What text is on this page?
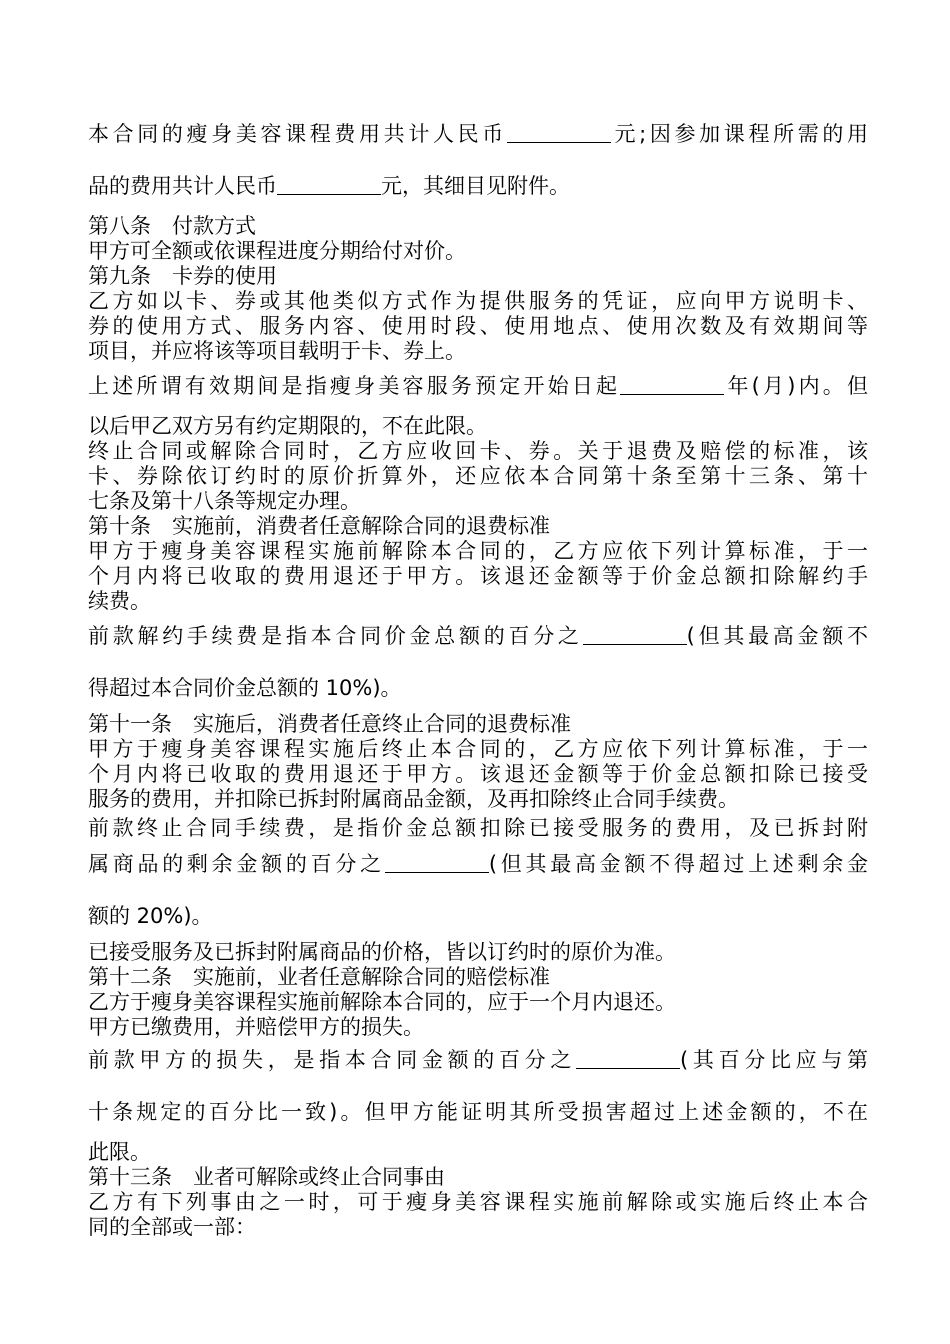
本合同的瘦身美容课程费用共计人民币	元;因参加课程所需的用
品的费用共计人民币	元，其细目见附件。
第八条　付款方式
甲方可全额或依课程进度分期给付对价。
第九条　卡券的使用
乙方如以卡、券或其他类似方式作为提供服务的凭证，应向甲方说明卡、
券的使用方式、服务内容、使用时段、使用地点、使用次数及有效期间等
项目，并应将该等项目载明于卡、券上。
上述所谓有效期间是指瘦身美容服务预定开始日起	年(月)内。但
以后甲乙双方另有约定期限的，不在此限。
终止合同或解除合同时，乙方应收回卡、券。关于退费及赔偿的标准，该
卡、券除依订约时的原价折算外，还应依本合同第十条至第十三条、第十
七条及第十八条等规定办理。
第十条　实施前，消费者任意解除合同的退费标准
甲方于瘦身美容课程实施前解除本合同的，乙方应依下列计算标准，于一
个月内将已收取的费用退还于甲方。该退还金额等于价金总额扣除解约手
续费。
前款解约手续费是指本合同价金总额的百分之	(但其最高金额不
得超过本合同价金总额的 10%)。
第十一条　实施后，消费者任意终止合同的退费标准
甲方于瘦身美容课程实施后终止本合同的，乙方应依下列计算标准，于一
个月内将已收取的费用退还于甲方。该退还金额等于价金总额扣除已接受
服务的费用，并扣除已拆封附属商品金额，及再扣除终止合同手续费。
前款终止合同手续费，是指价金总额扣除已接受服务的费用，及已拆封附
属商品的剩余金额的百分之	(但其最高金额不得超过上述剩余金
额的 20%)。
已接受服务及已拆封附属商品的价格，皆以订约时的原价为准。
第十二条　实施前，业者任意解除合同的赔偿标准
乙方于瘦身美容课程实施前解除本合同的，应于一个月内退还。
甲方已缴费用，并赔偿甲方的损失。
前款甲方的损失，是指本合同金额的百分之	(其百分比应与第
十条规定的百分比一致)。但甲方能证明其所受损害超过上述金额的，不在
此限。
第十三条　业者可解除或终止合同事由
乙方有下列事由之一时，可于瘦身美容课程实施前解除或实施后终止本合
同的全部或一部：
